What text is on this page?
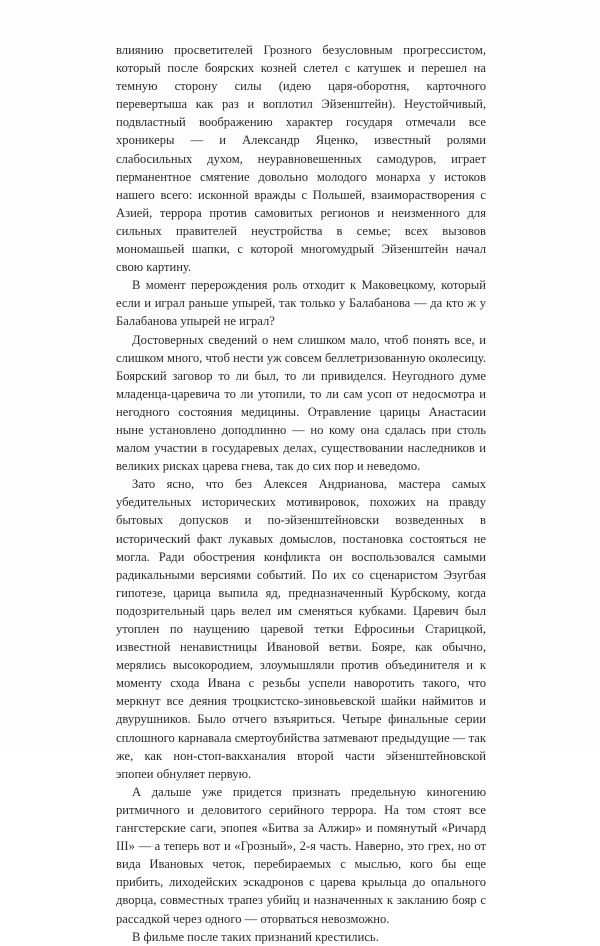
влиянию просветителей Грозного безусловным прогрессистом, который после боярских козней слетел с катушек и перешел на темную сторону силы (идею царя-оборотня, карточного перевертыша как раз и воплотил Эйзенштейн). Неустойчивый, подвластный воображению характер государя отмечали все хроникеры — и Александр Яценко, известный ролями слабосильных духом, неуравновешенных самодуров, играет перманентное смятение довольно молодого монарха у истоков нашего всего: исконной вражды с Польшей, взаиморастворения с Азией, террора против самовитых регионов и неизменного для сильных правителей неустройства в семье; всех вызовов мономашьей шапки, с которой многомудрый Эйзенштейн начал свою картину.

В момент перерождения роль отходит к Маковецкому, который если и играл раньше упырей, так только у Балабанова — да кто ж у Балабанова упырей не играл?

Достоверных сведений о нем слишком мало, чтоб понять все, и слишком много, чтоб нести уж совсем беллетризованную околесицу. Боярский заговор то ли был, то ли привиделся. Неугодного думе младенца-царевича то ли утопили, то ли сам усоп от недосмотра и негодного состояния медицины. Отравление царицы Анастасии ныне установлено доподлинно — но кому она сдалась при столь малом участии в государевых делах, существовании наследников и великих рисках царева гнева, так до сих пор и неведомо.

Зато ясно, что без Алексея Андрианова, мастера самых убедительных исторических мотивировок, похожих на правду бытовых допусков и по-эйзенштейновски возведенных в исторический факт лукавых домыслов, постановка состояться не могла. Ради обострения конфликта он воспользовался самыми радикальными версиями событий. По их со сценаристом Эзугбая гипотезе, царица выпила яд, предназначенный Курбскому, когда подозрительный царь велел им сменяться кубками. Царевич был утоплен по наущению царевой тетки Ефросиньи Старицкой, известной ненавистницы Ивановой ветви. Бояре, как обычно, мерялись высокородием, злоумышляли против объединителя и к моменту схода Ивана с резьбы успели наворотить такого, что меркнут все деяния троцкистско-зиновьевской шайки наймитов и двурушников. Было отчего взъяриться. Четыре финальные серии сплошного карнавала смертоубийства затмевают предыдущие — так же, как нон-стоп-вакханалия второй части эйзенштейновской эпопеи обнуляет первую.

А дальше уже придется признать предельную киногению ритмичного и деловитого серийного террора. На том стоят все гангстерские саги, эпопея «Битва за Алжир» и помянутый «Ричард III» — а теперь вот и «Грозный», 2-я часть. Наверно, это грех, но от вида Ивановых четок, перебираемых с мыслью, кого бы еще прибить, лиходейских эскадронов с царева крыльца до опального дворца, совместных трапез убийц и назначенных к закланию бояр с рассадкой через одного — оторваться невозможно.

В фильме после таких признаний крестились.
